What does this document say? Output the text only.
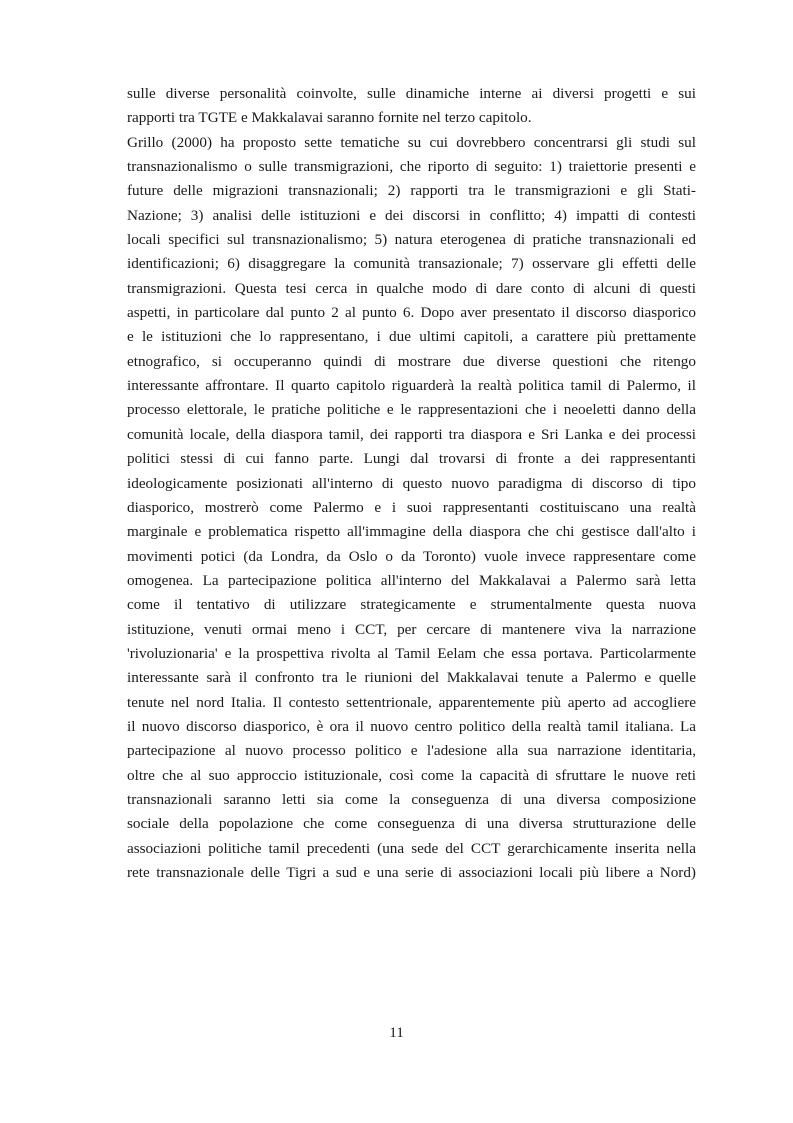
sulle diverse personalità coinvolte, sulle dinamiche interne ai diversi progetti e sui
rapporti tra TGTE e Makkalavai saranno fornite nel terzo capitolo.
Grillo (2000) ha proposto sette tematiche su cui dovrebbero concentrarsi gli studi sul
transnazionalismo o sulle transmigrazioni, che riporto di seguito: 1) traiettorie presenti e
future delle migrazioni transnazionali; 2) rapporti tra le transmigrazioni e gli Stati-
Nazione; 3) analisi delle istituzioni e dei discorsi in conflitto; 4) impatti di contesti
locali specifici sul transnazionalismo; 5) natura eterogenea di pratiche transnazionali ed
identificazioni; 6) disaggregare la comunità transazionale; 7) osservare gli effetti delle
transmigrazioni. Questa tesi cerca in qualche modo di dare conto di alcuni di questi
aspetti, in particolare dal punto 2 al punto 6. Dopo aver presentato il discorso diasporico
e le istituzioni che lo rappresentano, i due ultimi capitoli, a carattere più prettamente
etnografico, si occuperanno quindi di mostrare due diverse questioni che ritengo
interessante affrontare. Il quarto capitolo riguarderà la realtà politica tamil di Palermo, il
processo elettorale, le pratiche politiche e le rappresentazioni che i neoeletti danno della
comunità locale, della diaspora tamil, dei rapporti tra diaspora e Sri Lanka e dei processi
politici stessi di cui fanno parte. Lungi dal trovarsi di fronte a dei rappresentanti
ideologicamente posizionati all'interno di questo nuovo paradigma di discorso di tipo
diasporico, mostrerò come Palermo e i suoi rappresentanti costituiscano una realtà
marginale e problematica rispetto all'immagine della diaspora che chi gestisce dall'alto i
movimenti potici (da Londra, da Oslo o da Toronto) vuole invece rappresentare come
omogenea. La partecipazione politica all'interno del Makkalavai a Palermo sarà letta
come il tentativo di utilizzare strategicamente e strumentalmente questa nuova
istituzione, venuti ormai meno i CCT, per cercare di mantenere viva la narrazione
'rivoluzionaria' e la prospettiva rivolta al Tamil Eelam che essa portava. Particolarmente
interessante sarà il confronto tra le riunioni del Makkalavai tenute a Palermo e quelle
tenute nel nord Italia. Il contesto settentrionale, apparentemente più aperto ad accogliere
il nuovo discorso diasporico, è ora il nuovo centro politico della realtà tamil italiana. La
partecipazione al nuovo processo politico e l'adesione alla sua narrazione identitaria,
oltre che al suo approccio istituzionale, così come la capacità di sfruttare le nuove reti
transnazionali saranno letti sia come la conseguenza di una diversa composizione
sociale della popolazione che come conseguenza di una diversa strutturazione delle
associazioni politiche tamil precedenti (una sede del CCT gerarchicamente inserita nella
rete transnazionale delle Tigri a sud e una serie di associazioni locali più libere a Nord)
11
